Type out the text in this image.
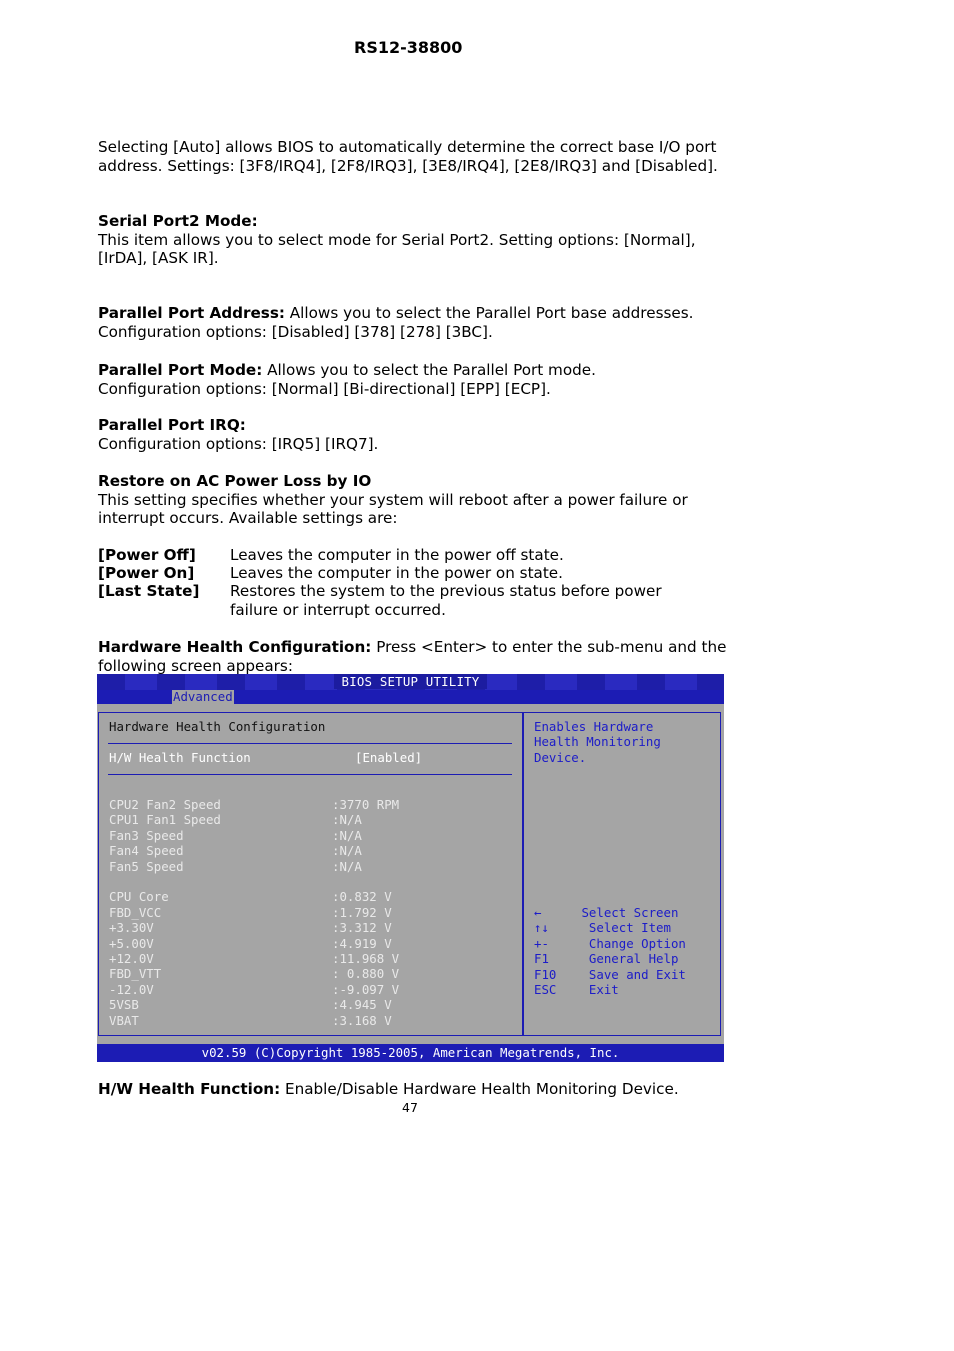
RS12-38800

Selecting [Auto] allows BIOS to automatically determine the correct base I/O port address. Settings: [3F8/IRQ4], [2F8/IRQ3], [3E8/IRQ4], [2E8/IRQ3] and [Disabled].

Serial Port2 Mode:

This item allows you to select mode for Serial Port2. Setting options: [Normal], [IrDA], [ASK IR].

Parallel Port Address: Allows you to select the Parallel Port base addresses.

Configuration options: [Disabled] [378] [278] [3BC].

Parallel Port Mode: Allows you to select the Parallel Port mode.

Configuration options: [Normal] [Bi-directional] [EPP] [ECP].

Parallel Port IRQ:

Configuration options: [IRQ5] [IRQ7].

Restore on AC Power Loss by IO

This setting specifies whether your system will reboot after a power failure or interrupt occurs. Available settings are:

[Power Off] Leaves the computer in the power off state.
[Power On] Leaves the computer in the power on state.
[Last State] Restores the system to the previous status before power failure or interrupt occurred.

Hardware Health Configuration: Press <Enter> to enter the sub-menu and the following screen appears:

BIOS SETUP UTILITY
Advanced
Hardware Health Configuration
H/W Health Function	[Enabled]
CPU2 Fan2 Speed	:3770 RPM
CPU1 Fan1 Speed	:N/A
Fan3 Speed	:N/A
Fan4 Speed	:N/A
Fan5 Speed	:N/A
CPU Core	:0.832 V
FBD_VCC	:1.792 V
+3.30V	:3.312 V
+5.00V	:4.919 V
+12.0V	:11.968 V
FBD_VTT	: 0.880 V
-12.0V	:-9.097 V
5VSB	:4.945 V
VBAT	:3.168 V
Enables Hardware
Health Monitoring
Device.
←	Select Screen
↑↓ Select Item
+- Change Option
F1 General Help
F10 Save and Exit
ESC Exit
v02.59 (C)Copyright 1985-2005, American Megatrends, Inc.

H/W Health Function: Enable/Disable Hardware Health Monitoring Device.

47
